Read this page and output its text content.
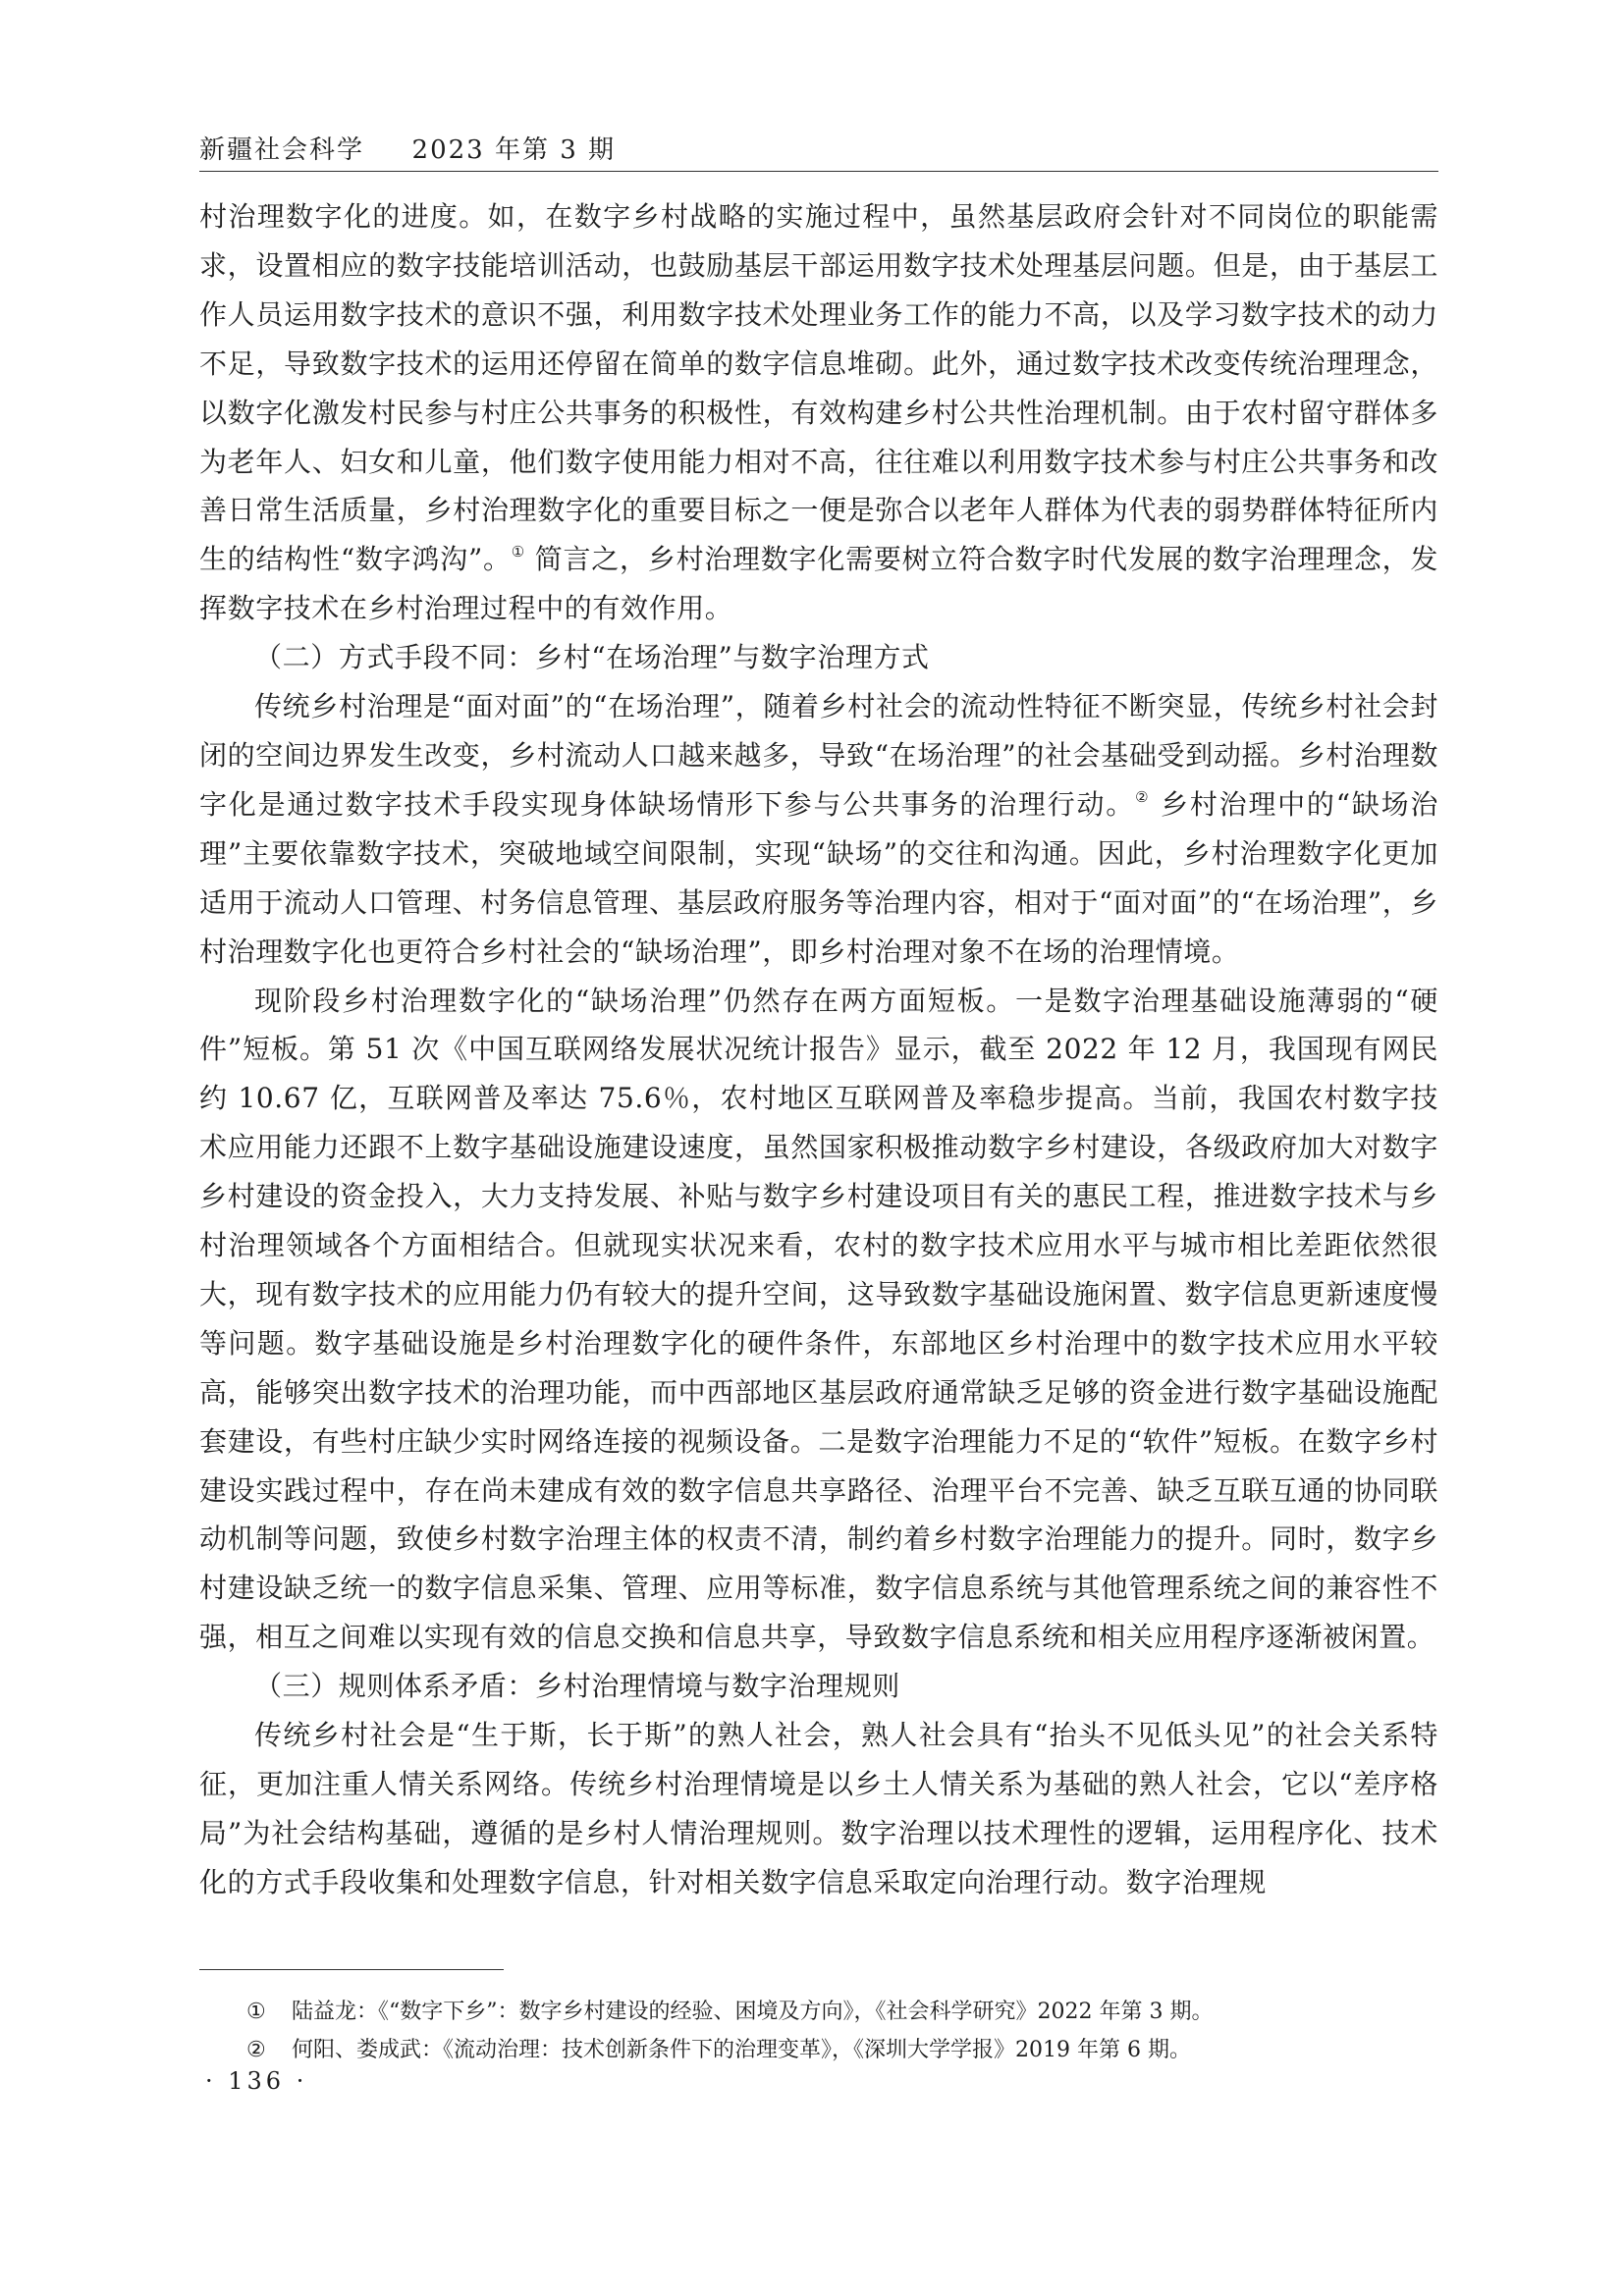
新疆社会科学 2023 年第 3 期

村治理数字化的进度。如，在数字乡村战略的实施过程中，虽然基层政府会针对不同岗位的职能需求，设置相应的数字技能培训活动，也鼓励基层干部运用数字技术处理基层问题。但是，由于基层工作人员运用数字技术的意识不强，利用数字技术处理业务工作的能力不高，以及学习数字技术的动力不足，导致数字技术的运用还停留在简单的数字信息堆砌。此外，通过数字技术改变传统治理理念，以数字化激发村民参与村庄公共事务的积极性，有效构建乡村公共性治理机制。由于农村留守群体多为老年人、妇女和儿童，他们数字使用能力相对不高，往往难以利用数字技术参与村庄公共事务和改善日常生活质量，乡村治理数字化的重要目标之一便是弥合以老年人群体为代表的弱势群体特征所内生的结构性“数字鸿沟”。① 简言之，乡村治理数字化需要树立符合数字时代发展的数字治理理念，发挥数字技术在乡村治理过程中的有效作用。

（二）方式手段不同：乡村“在场治理”与数字治理方式

传统乡村治理是“面对面”的“在场治理”，随着乡村社会的流动性特征不断突显，传统乡村社会封闭的空间边界发生改变，乡村流动人口越来越多，导致“在场治理”的社会基础受到动摇。乡村治理数字化是通过数字技术手段实现身体缺场情形下参与公共事务的治理行动。② 乡村治理中的“缺场治理”主要依靠数字技术，突破地域空间限制，实现“缺场”的交往和沟通。因此，乡村治理数字化更加适用于流动人口管理、村务信息管理、基层政府服务等治理内容，相对于“面对面”的“在场治理”，乡村治理数字化也更符合乡村社会的“缺场治理”，即乡村治理对象不在场的治理情境。

现阶段乡村治理数字化的“缺场治理”仍然存在两方面短板。一是数字治理基础设施薄弱的“硬件”短板。第 51 次《中国互联网络发展状况统计报告》显示，截至 2022 年 12 月，我国现有网民约 10.67 亿，互联网普及率达 75.6％，农村地区互联网普及率稳步提高。当前，我国农村数字技术应用能力还跟不上数字基础设施建设速度，虽然国家积极推动数字乡村建设，各级政府加大对数字乡村建设的资金投入，大力支持发展、补贴与数字乡村建设项目有关的惠民工程，推进数字技术与乡村治理领域各个方面相结合。但就现实状况来看，农村的数字技术应用水平与城市相比差距依然很大，现有数字技术的应用能力仍有较大的提升空间，这导致数字基础设施闲置、数字信息更新速度慢等问题。数字基础设施是乡村治理数字化的硬件条件，东部地区乡村治理中的数字技术应用水平较高，能够突出数字技术的治理功能，而中西部地区基层政府通常缺乏足够的资金进行数字基础设施配套建设，有些村庄缺少实时网络连接的视频设备。二是数字治理能力不足的“软件”短板。在数字乡村建设实践过程中，存在尚未建成有效的数字信息共享路径、治理平台不完善、缺乏互联互通的协同联动机制等问题，致使乡村数字治理主体的权责不清，制约着乡村数字治理能力的提升。同时，数字乡村建设缺乏统一的数字信息采集、管理、应用等标准，数字信息系统与其他管理系统之间的兼容性不强，相互之间难以实现有效的信息交换和信息共享，导致数字信息系统和相关应用程序逐渐被闲置。

（三）规则体系矛盾：乡村治理情境与数字治理规则

传统乡村社会是“生于斯，长于斯”的熟人社会，熟人社会具有“抬头不见低头见”的社会关系特征，更加注重人情关系网络。传统乡村治理情境是以乡土人情关系为基础的熟人社会，它以“差序格局”为社会结构基础，遵循的是乡村人情治理规则。数字治理以技术理性的逻辑，运用程序化、技术化的方式手段收集和处理数字信息，针对相关数字信息采取定向治理行动。数字治理规

① 陆益龙：《“数字下乡”：数字乡村建设的经验、困境及方向》，《社会科学研究》2022 年第 3 期。
② 何阳、娄成武：《流动治理：技术创新条件下的治理变革》，《深圳大学学报》2019 年第 6 期。
· 136 ·
